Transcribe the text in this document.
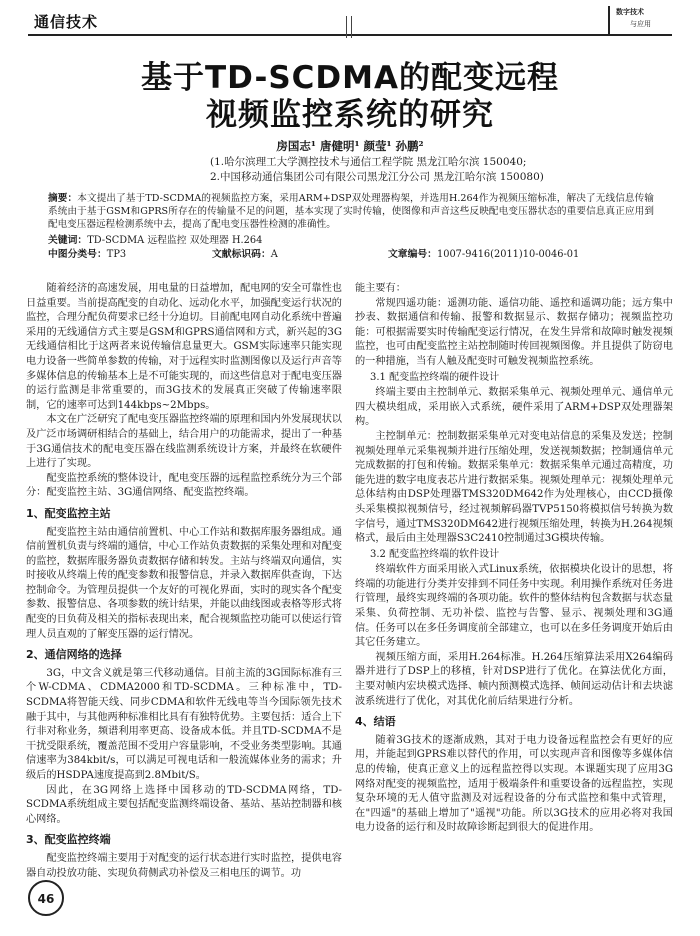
通信技术
数字技术
与应用
基于TD-SCDMA的配变远程
视频监控系统的研究
房国志¹ 唐健明¹ 颜莹¹ 孙鹏²
(1.哈尔滨理工大学测控技术与通信工程学院 黑龙江哈尔滨 150040;
2.中国移动通信集团公司有限公司黑龙江分公司 黑龙江哈尔滨 150080)
摘要：本文提出了基于TD-SCDMA的视频监控方案，采用ARM+DSP双处理器构架，并选用H.264作为视频压缩标准，解决了无线信息传输系统由于基于GSM和GPRS所存在的传输量不足的问题，基本实现了实时传输，使图像和声音这些反映配电变压器状态的重要信息真正应用到配电变压器远程检测系统中去，提高了配电变压器性检测的准确性。
关键词：TD-SCDMA 远程监控 双处理器 H.264
中图分类号：TP3	文献标识码：A	文章编号：1007-9416(2011)10-0046-01

随着经济的高速发展，用电量的日益增加，配电网的安全可靠性也日益重要。当前提高配变的自动化、远动化水平，加强配变运行状况的监控，合理分配负荷要求已经十分迫切。目前配电网自动化系统中普遍采用的无线通信方式主要是GSM和GPRS通信网和方式，新兴起的3G无线通信相比于这两者来说传输信息量更大。GSM实际速率只能实现电力设备一些简单参数的传输，对于远程实时监测图像以及运行声音等多媒体信息的传输基本上是不可能实现的，而这些信息对于配电变压器的运行监测是非常重要的，而3G技术的发展真正突破了传输速率限制，它的速率可达到144kbps~2Mbps。

本文在广泛研究了配电变压器监控终端的原理和国内外发展现状以及广泛市场调研相结合的基础上，结合用户的功能需求，提出了一种基于3G通信技术的配电变压器在线监测系统设计方案，并最终在软硬件上进行了实现。

配变监控系统的整体设计，配电变压器的远程监控系统分为三个部分：配变监控主站、3G通信网络、配变监控终端。

1、配变监控主站

配变监控主站由通信前置机、中心工作站和数据库服务器组成。通信前置机负责与终端的通信，中心工作站负责数据的采集处理和对配变的监控，数据库服务器负责数据存储和转发。主站与终端双向通信，实时接收从终端上传的配变参数和报警信息，并录入数据库供查询，下达控制命令。为管理员提供一个友好的可视化界面，实时的现实各个配变参数、报警信息、各项参数的统计结果，并能以曲线图或表格等形式将配变的日负荷及相关的指标表现出来，配合视频监控功能可以使运行管理人员直观的了解变压器的运行情况。

2、通信网络的选择

3G，中文含义就是第三代移动通信。目前主流的3G国际标准有三个W-CDMA、CDMA2000和TD-SCDMA。三种标准中，TD-SCDMA将智能天线、同步CDMA和软件无线电等当今国际领先技术融于其中，与其他两种标准相比具有有独特优势。主要包括：适合上下行非对称业务，频谱利用率更高、设备成本低。并且TD-SCDMA不是干扰受限系统，覆盖范围不受用户容量影响，不受业务类型影响。其通信速率为384kbit/s，可以满足可视电话和一般流媒体业务的需求；升级后的HSDPA速度提高到2.8Mbit/S。

因此，在3G网络上选择中国移动的TD-SCDMA网络，TD-SCDMA系统组成主要包括配变监测终端设备、基站、基站控制器和核心网络。

3、配变监控终端

配变监控终端主要用于对配变的运行状态进行实时监控，提供电容器自动投放功能、实现负荷侧武功补偿及三相电压的调节。功

能主要有：

常规四遥功能：遥测功能、遥信功能、遥控和遥调功能；远方集中抄表、数据通信和传输、报警和数据显示、数据存储功；视频监控功能：可根据需要实时传输配变运行情况，在发生异常和故障时触发视频监控，也可由配变监控主站控制随时传回视频图像。并且提供了防窃电的一种措施，当有人触及配变时可触发视频监控系统。

3.1 配变监控终端的硬件设计

终端主要由主控制单元、数据采集单元、视频处理单元、通信单元四大模块组成，采用嵌入式系统，硬件采用了ARM+DSP双处理器架构。

主控制单元：控制数据采集单元对变电站信息的采集及发送；控制视频处理单元采集视频并进行压缩处理，发送视频数据；控制通信单元完成数据的打包和传输。数据采集单元：数据采集单元通过高精度，功能先进的数字电度表芯片进行数据采集。视频处理单元：视频处理单元总体结构由DSP处理器TMS320DM642作为处理核心，由CCD摄像头采集模拟视频信号，经过视频解码器TVP5150将模拟信号转换为数字信号，通过TMS320DM642进行视频压缩处理，转换为H.264视频格式，最后由主处理器S3C2410控制通过3G模块传输。

3.2 配变监控终端的软件设计

终端软件方面采用嵌入式Linux系统，依据模块化设计的思想，将终端的功能进行分类并安排到不同任务中实现。利用操作系统对任务进行管理，最终实现终端的各项功能。软件的整体结构包含数据与状态量采集、负荷控制、无功补偿、监控与告警、显示、视频处理和3G通信。任务可以在多任务调度前全部建立，也可以在多任务调度开始后由其它任务建立。

视频压缩方面，采用H.264标准。H.264压缩算法采用X264编码器并进行了DSP上的移植，针对DSP进行了优化。在算法优化方面，主要对帧内宏块模式选择、帧内预测模式选择、帧间运动估计和去块滤波系统进行了优化，对其优化前后结果进行分析。

4、结语

随着3G技术的逐渐成熟，其对于电力设备远程监控会有更好的应用，并能起到GPRS难以替代的作用，可以实现声音和图像等多媒体信息的传输，使真正意义上的远程监控得以实现。本课题实现了应用3G网络对配变的视频监控，适用于极端条件和重要设备的远程监控，实现复杂环境的无人值守监测及对远程设备的分布式监控和集中式管理，在"四遥"的基础上增加了"遥视"功能。所以3G技术的应用必将对我国电力设备的运行和及时故障诊断起到很大的促进作用。

46
